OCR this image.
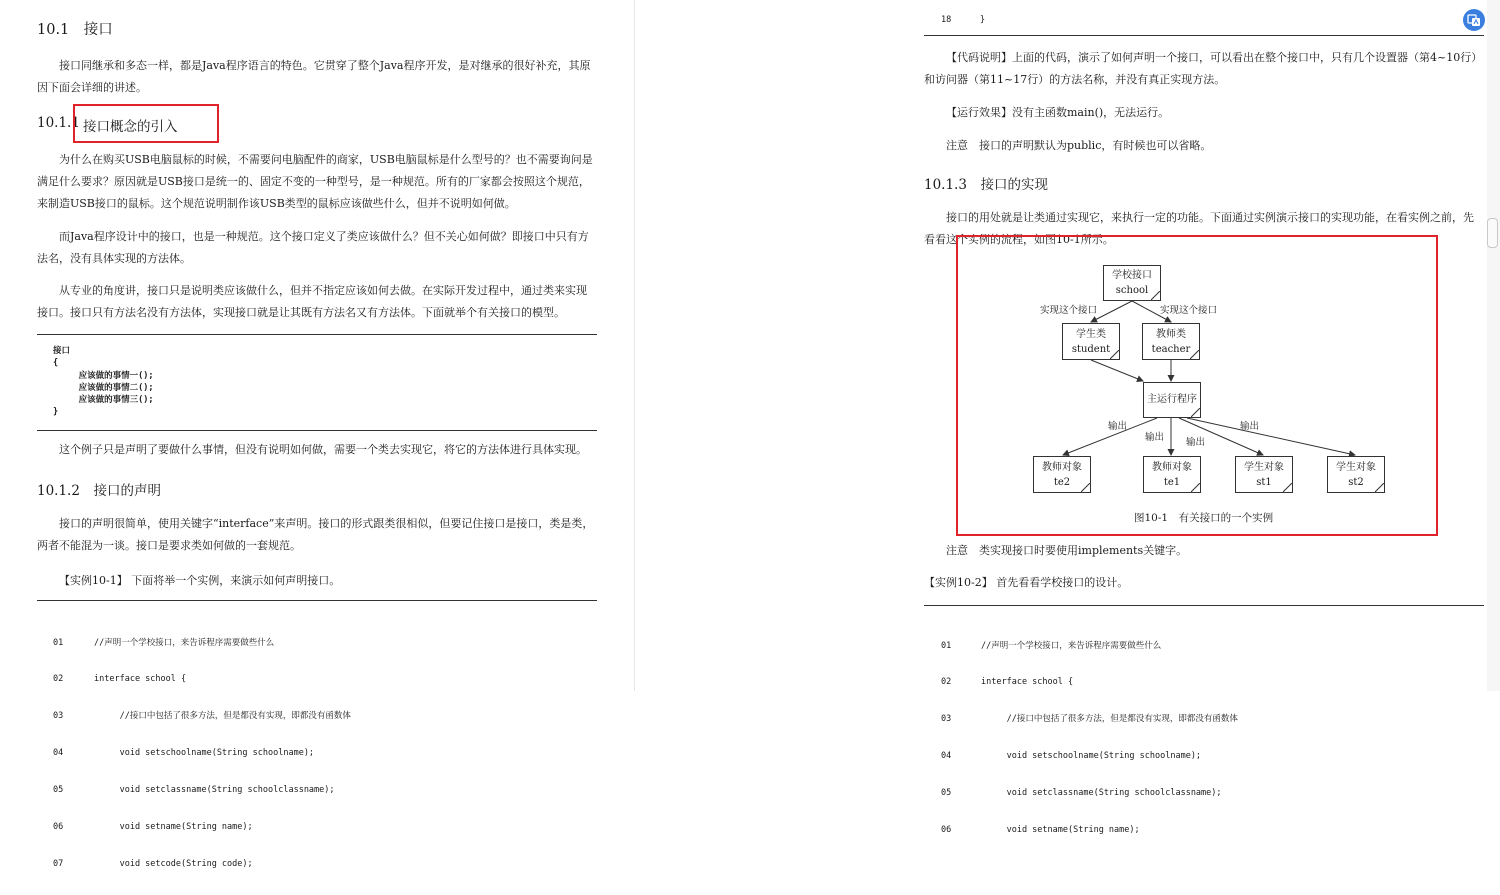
10.1　接口
接口同继承和多态一样，都是Java程序语言的特色。它贯穿了整个Java程序开发，是对继承的很好补充，其原因下面会详细的讲述。
10.1.1 接口概念的引入
为什么在购买USB电脑鼠标的时候，不需要问电脑配件的商家，USB电脑鼠标是什么型号的？也不需要询问是满足什么要求？原因就是USB接口是统一的、固定不变的一种型号，是一种规范。所有的厂家都会按照这个规范，来制造USB接口的鼠标。这个规范说明制作该USB类型的鼠标应该做些什么，但并不说明如何做。
而Java程序设计中的接口，也是一种规范。这个接口定义了类应该做什么？但不关心如何做？即接口中只有方法名，没有具体实现的方法体。
从专业的角度讲，接口只是说明类应该做什么，但并不指定应该如何去做。在实际开发过程中，通过类来实现接口。接口只有方法名没有方法体，实现接口就是让其既有方法名又有方法体。下面就举个有关接口的模型。
接口
{
应该做的事情一();
应该做的事情二();
应该做的事情三();
}
这个例子只是声明了要做什么事情，但没有说明如何做，需要一个类去实现它，将它的方法体进行具体实现。
10.1.2　接口的声明
接口的声明很简单，使用关键字“interface”来声明。接口的形式跟类很相似，但要记住接口是接口，类是类，两者不能混为一谈。接口是要求类如何做的一套规范。
【实例10-1】 下面将举一个实例，来演示如何声明接口。

01

02

03

04

05

06

07

//声明一个学校接口，来告诉程序需要做些什么

interface school {

//接口中包括了很多方法，但是都没有实现，即都没有函数体

void setschoolname(String schoolname);

void setclassname(String schoolclassname);

void setname(String name);

void setcode(String code);

18	}
【代码说明】上面的代码，演示了如何声明一个接口，可以看出在整个接口中，只有几个设置器（第4~10行）和访问器（第11~17行）的方法名称，并没有真正实现方法。
【运行效果】没有主函数main()，无法运行。
注意　接口的声明默认为public，有时候也可以省略。
10.1.3　接口的实现
接口的用处就是让类通过实现它，来执行一定的功能。下面通过实例演示接口的实现功能，在看实例之前，先看看这个实例的流程，如图10-1所示。
学校接口
school
实现这个接口	实现这个接口
学生类
student
教师类
teacher
主运行程序
输出
输出 输出
输出
教师对象
te2
教师对象
te1
学生对象
st1
学生对象
st2
图10-1　有关接口的一个实例
注意　类实现接口时要使用implements关键字。
【实例10-2】 首先看看学校接口的设计。

01

02

03

04

05

06

//声明一个学校接口，来告诉程序需要做些什么

interface school {

//接口中包括了很多方法，但是都没有实现，即都没有函数体

void setschoolname(String schoolname);

void setclassname(String schoolclassname);

void setname(String name);
